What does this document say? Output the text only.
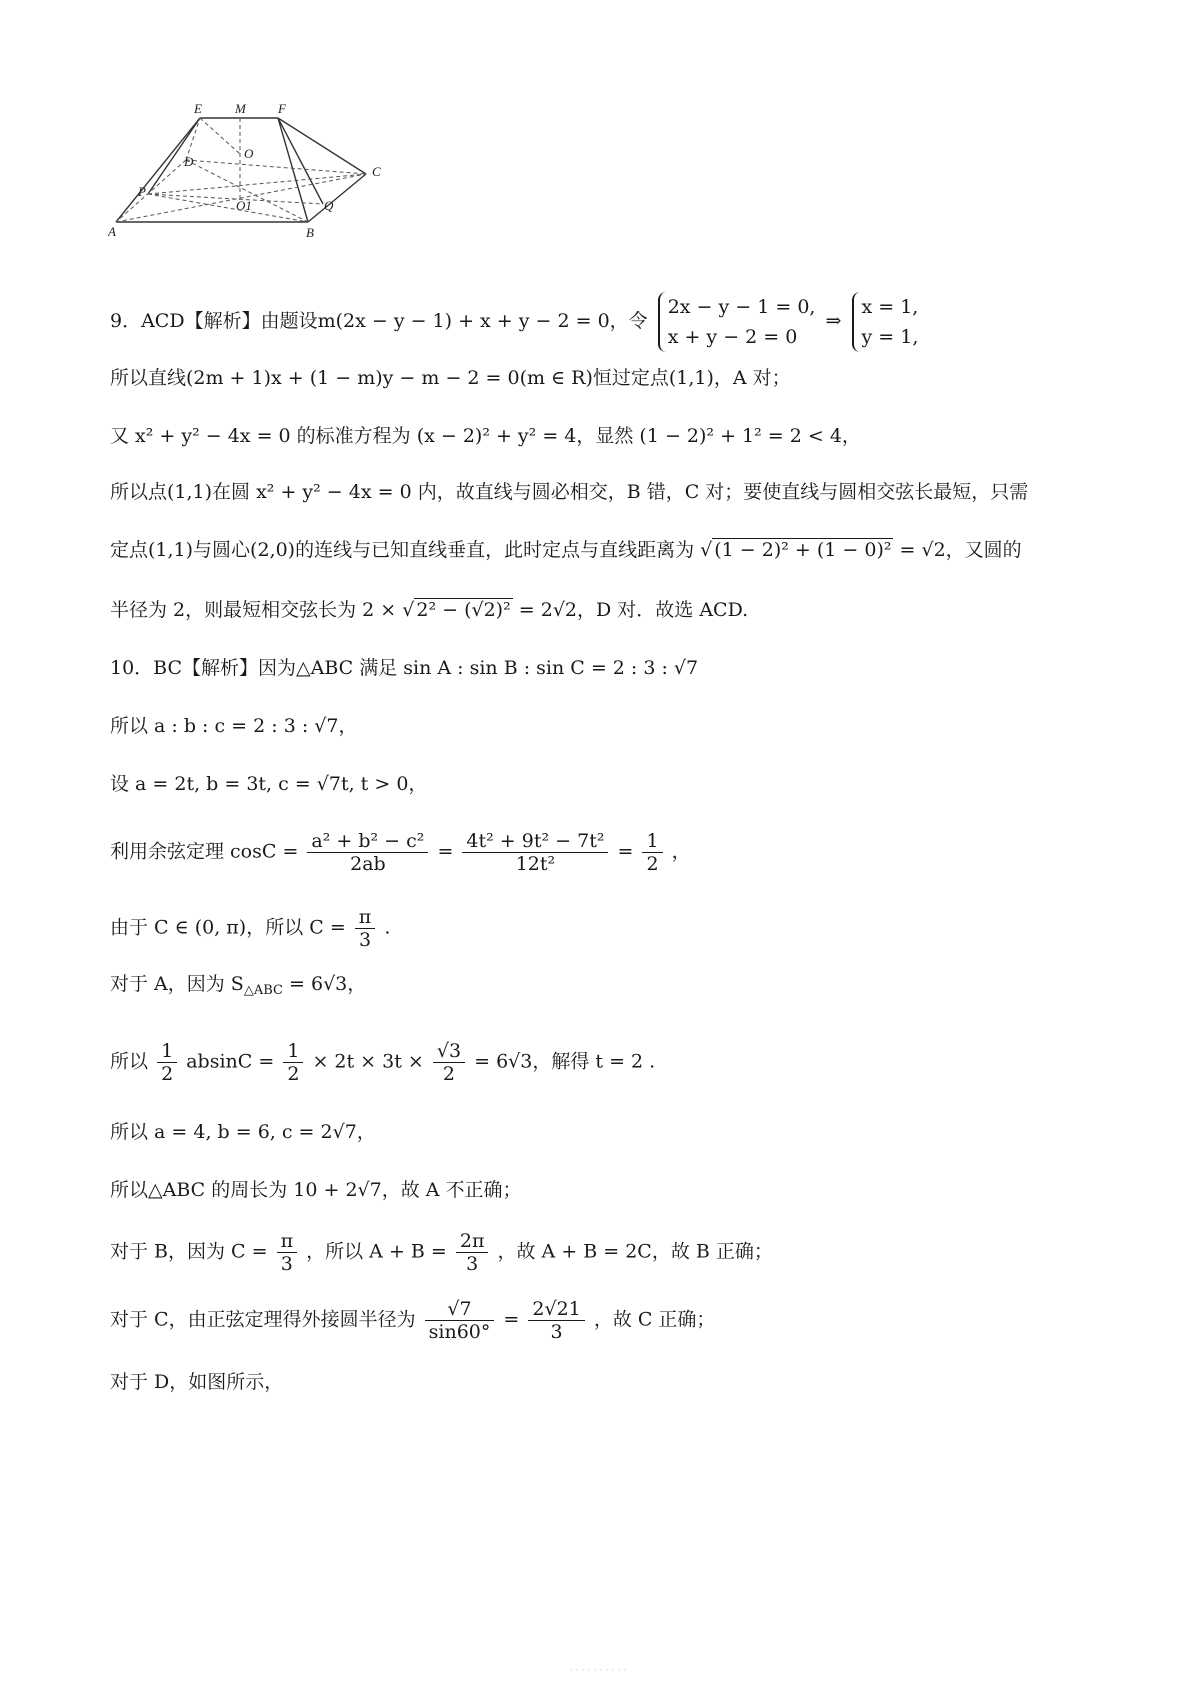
E	M F
D
O
C
P
O1	Q
A	B
9．ACD【解析】由题设m(2x − y − 1) + x + y − 2 = 0，令
2x − y − 1 = 0,
x + y − 2 = 0
⇒
x = 1,
y = 1,
所以直线(2m + 1)x + (1 − m)y − m − 2 = 0(m ∈ R)恒过定点(1,1)，A 对；
又 x² + y² − 4x = 0 的标准方程为 (x − 2)² + y² = 4，显然 (1 − 2)² + 1² = 2 < 4，
所以点(1,1)在圆 x² + y² − 4x = 0 内，故直线与圆必相交，B 错，C 对；要使直线与圆相交弦长最短，只需
定点(1,1)与圆心(2,0)的连线与已知直线垂直，此时定点与直线距离为 √ (1 − 2)² + (1 − 0)² = √2，又圆的
半径为 2，则最短相交弦长为 2 × √ 2² − (√2)² = 2√2，D 对．故选 ACD.
10．BC【解析】因为△ABC 满足 sin A : sin B : sin C = 2 : 3 : √7
所以 a : b : c = 2 : 3 : √7，
设 a = 2t, b = 3t, c = √7t, t > 0，
利用余弦定理 $\cos C = \frac{\text{a² + b² − c²}}{2ab} = \frac{\text{4t² + 9t² − 7t²}}{\text{12t²}} = \frac{1}{2}$ ，
由于 C ∈ (0, π)，所以 $C = \frac{\pi}{3}$ .
对于 A，因为 $S_{\triangle ABC} = 6√3$，
所以 $\frac{1}{2}$ $absinC = \frac{1}{2} \times 2t \times 3t \times \frac{√3}{2} = 6√3$，解得 t = 2 .
所以 a = 4, b = 6, c = 2√7，
所以△ABC 的周长为 10 + 2√7，故 A 不正确；
对于 B，因为 $C = \frac{\pi}{3}$ ，所以 $A + B = \frac{2\pi}{3}$ ，故 A + B = 2C，故 B 正确；
对于 C，由正弦定理得外接圆半径为 $\frac{√7}{\sin 60^\circ} = \frac{2√21}{3}$ ，故 C 正确；
对于 D，如图所示，
